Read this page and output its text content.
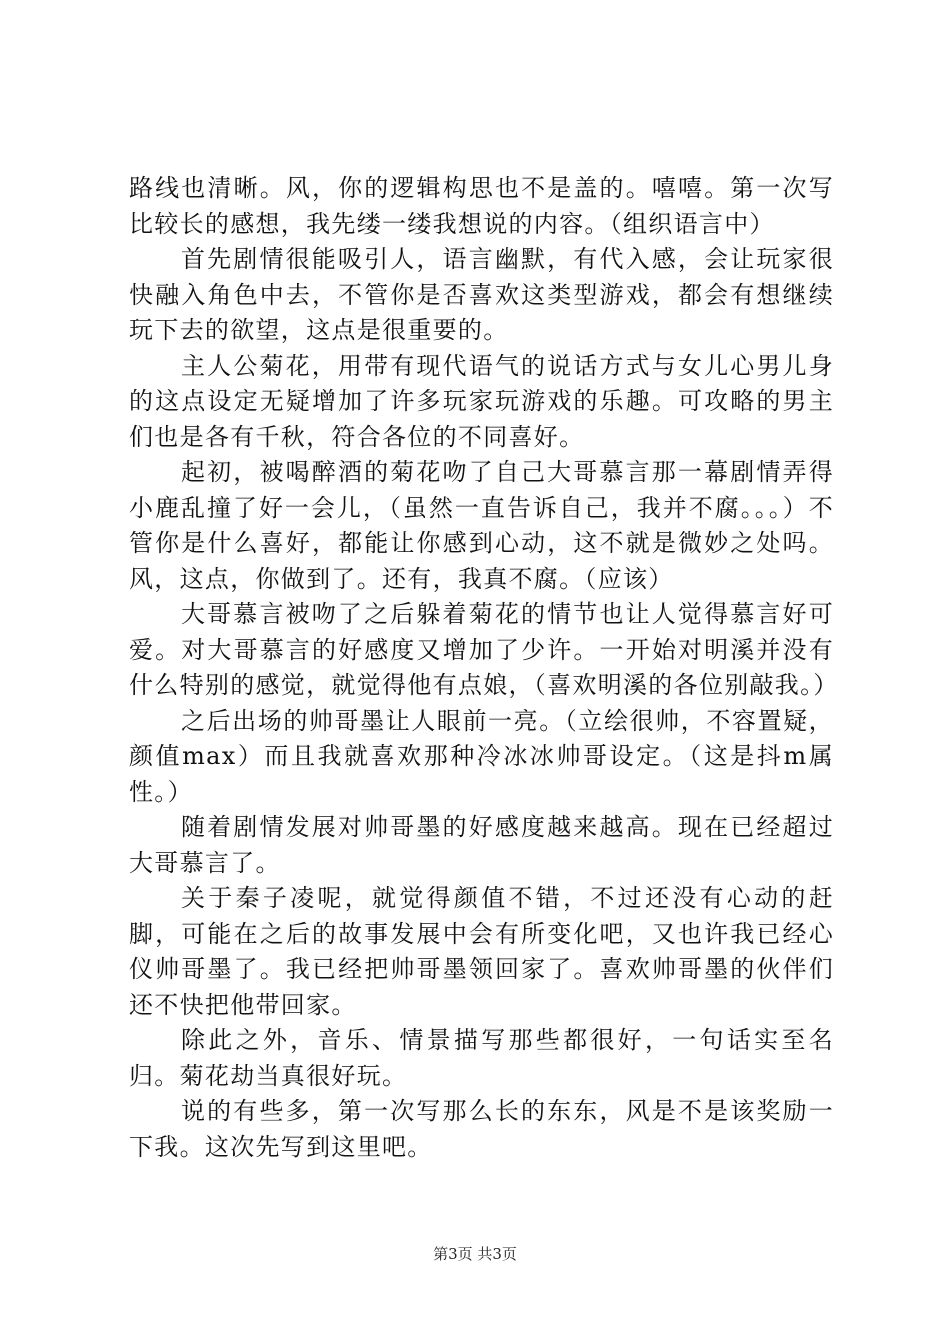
路线也清晰。风，你的逻辑构思也不是盖的。嘻嘻。第一次写比较长的感想，我先缕一缕我想说的内容。（组织语言中）

首先剧情很能吸引人，语言幽默，有代入感，会让玩家很快融入角色中去，不管你是否喜欢这类型游戏，都会有想继续玩下去的欲望，这点是很重要的。

主人公菊花，用带有现代语气的说话方式与女儿心男儿身的这点设定无疑增加了许多玩家玩游戏的乐趣。可攻略的男主们也是各有千秋，符合各位的不同喜好。

起初，被喝醉酒的菊花吻了自己大哥慕言那一幕剧情弄得小鹿乱撞了好一会儿，（虽然一直告诉自己，我并不腐。。。）不管你是什么喜好，都能让你感到心动，这不就是微妙之处吗。风，这点，你做到了。还有，我真不腐。（应该）

大哥慕言被吻了之后躲着菊花的情节也让人觉得慕言好可爱。对大哥慕言的好感度又增加了少许。一开始对明溪并没有什么特别的感觉，就觉得他有点娘，（喜欢明溪的各位别敲我。）

之后出场的帅哥墨让人眼前一亮。（立绘很帅，不容置疑，颜值max）而且我就喜欢那种冷冰冰帅哥设定。（这是抖m属性。）

随着剧情发展对帅哥墨的好感度越来越高。现在已经超过大哥慕言了。

关于秦子凌呢，就觉得颜值不错，不过还没有心动的赶脚，可能在之后的故事发展中会有所变化吧，又也许我已经心仪帅哥墨了。我已经把帅哥墨领回家了。喜欢帅哥墨的伙伴们还不快把他带回家。

除此之外，音乐、情景描写那些都很好，一句话实至名归。菊花劫当真很好玩。

说的有些多，第一次写那么长的东东，风是不是该奖励一下我。这次先写到这里吧。

第3页 共3页
